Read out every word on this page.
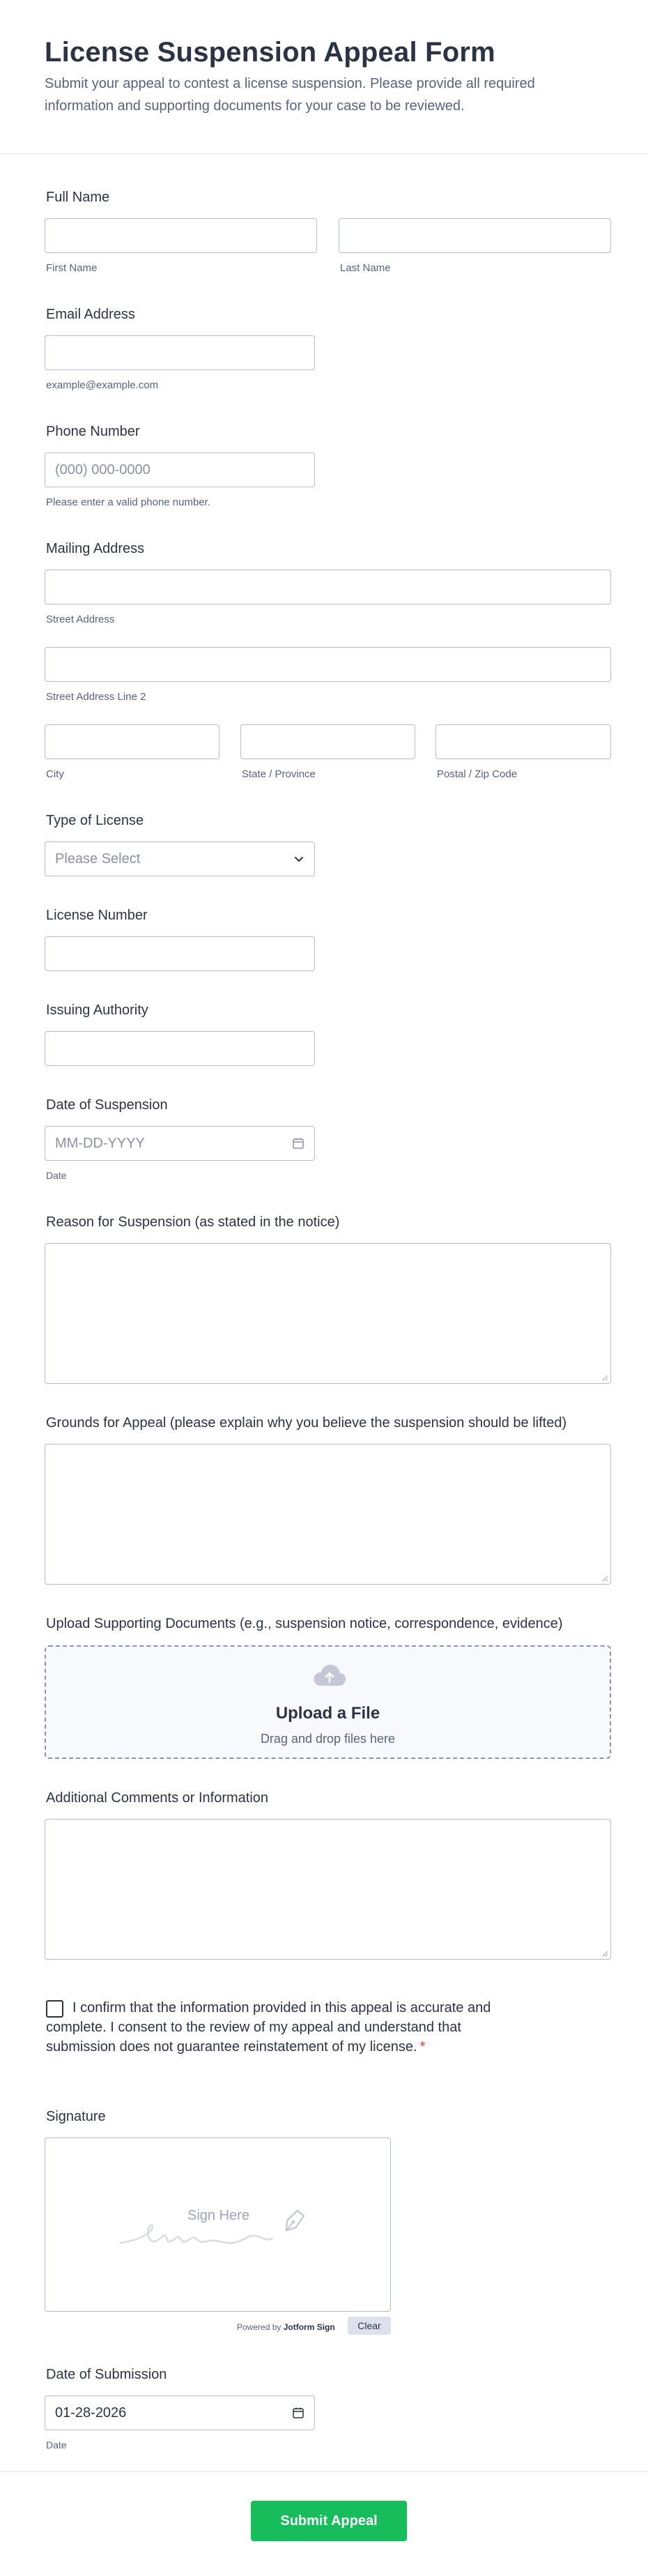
License Suspension Appeal Form
Submit your appeal to contest a license suspension. Please provide all required information and supporting documents for your case to be reviewed.
Full Name
First Name	Last Name
Email Address
example@example.com
Phone Number
(000) 000-0000
Please enter a valid phone number.
Mailing Address
Street Address
Street Address Line 2
City	State / Province	Postal / Zip Code
Type of License
Please Select
License Number
Issuing Authority
Date of Suspension
MM-DD-YYYY
Date
Reason for Suspension (as stated in the notice)
Grounds for Appeal (please explain why you believe the suspension should be lifted)
Upload Supporting Documents (e.g., suspension notice, correspondence, evidence)
Upload a File
Drag and drop files here
Additional Comments or Information
I confirm that the information provided in this appeal is accurate and complete. I consent to the review of my appeal and understand that submission does not guarantee reinstatement of my license. *
Signature
Sign Here
Powered by Jotform Sign	Clear
Date of Submission
01-28-2026
Date
Submit Appeal
